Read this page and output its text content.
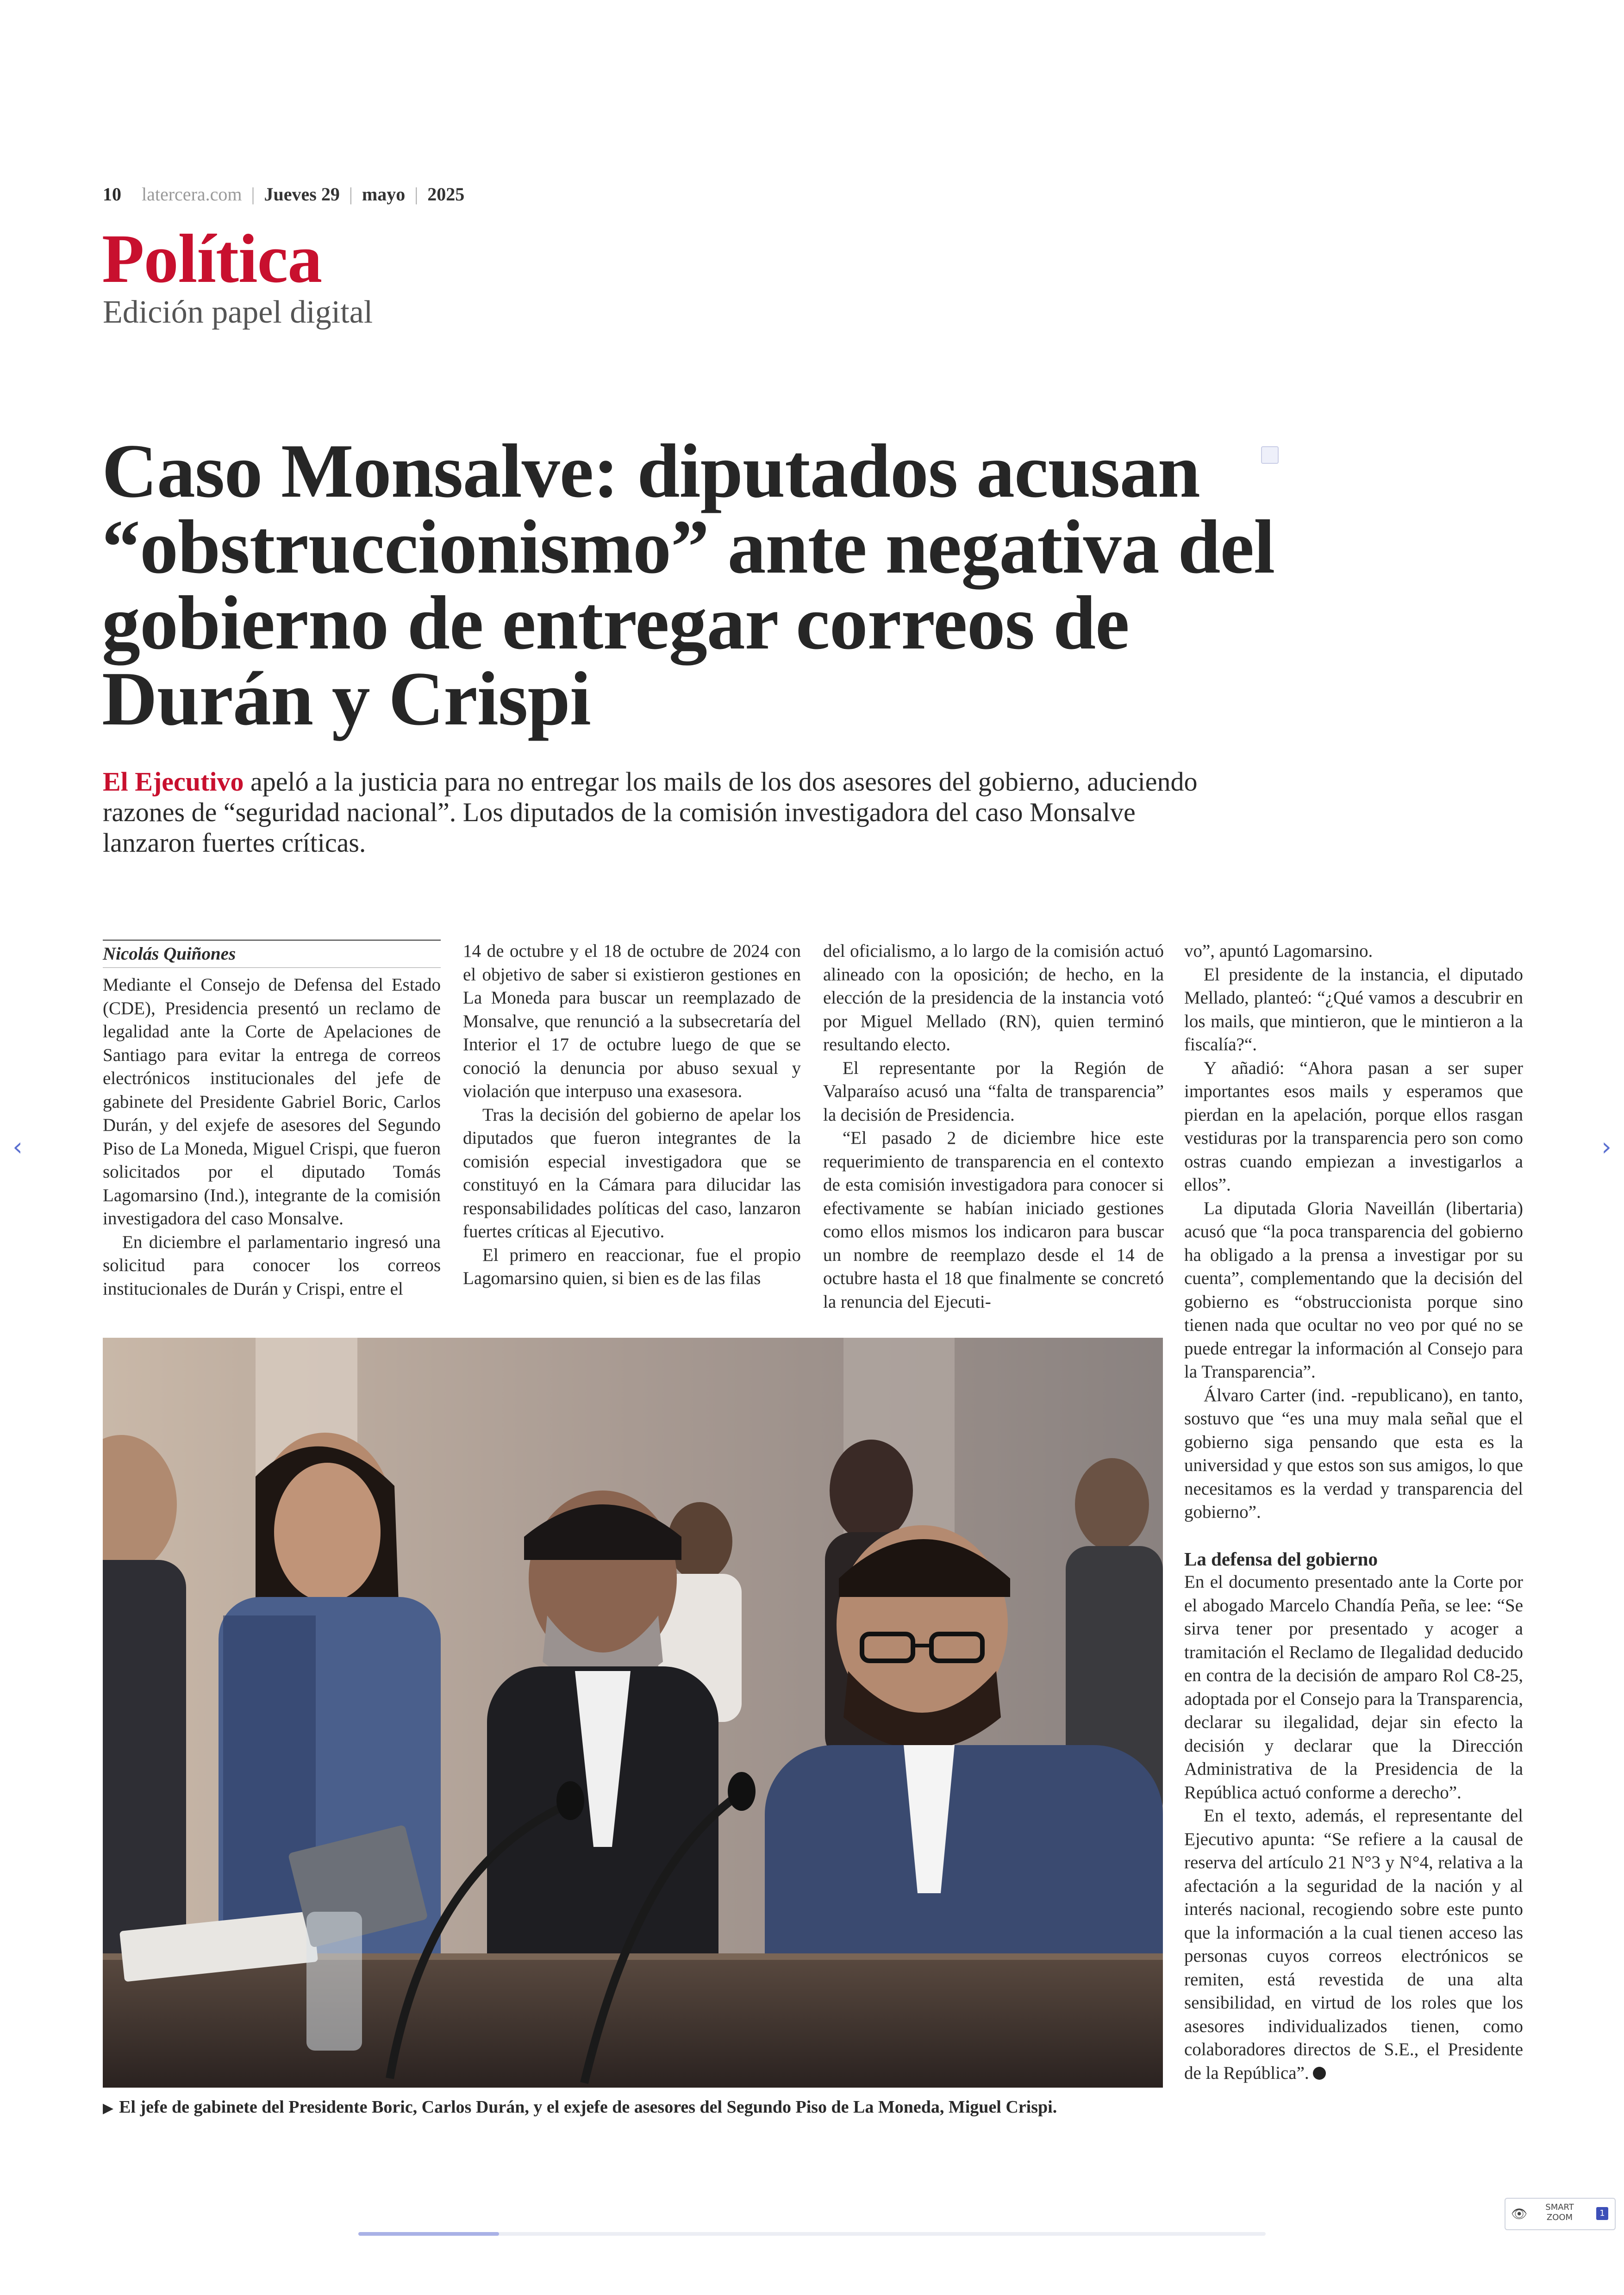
10 latercera.com | Jueves 29 | mayo | 2025
Política
Edición papel digital
Caso Monsalve: diputados acusan “obstruccionismo” ante negativa del gobierno de entregar correos de Durán y Crispi

El Ejecutivo apeló a la justicia para no entregar los mails de los dos asesores del gobierno, aduciendo razones de “seguridad nacional”. Los diputados de la comisión investigadora del caso Monsalve lanzaron fuertes críticas.

Nicolás Quiñones

Mediante el Consejo de Defensa del Estado (CDE), Presidencia presentó un reclamo de legalidad ante la Corte de Apelaciones de Santiago para evitar la entrega de correos electrónicos institucionales del jefe de gabinete del Presidente Gabriel Boric, Carlos Durán, y del exjefe de asesores del Segundo Piso de La Moneda, Miguel Crispi, que fueron solicitados por el diputado Tomás Lagomarsino (Ind.), integrante de la comisión investigadora del caso Monsalve.

En diciembre el parlamentario ingresó una solicitud para conocer los correos institucionales de Durán y Crispi, entre el

14 de octubre y el 18 de octubre de 2024 con el objetivo de saber si existieron gestiones en La Moneda para buscar un reemplazado de Monsalve, que renunció a la subsecretaría del Interior el 17 de octubre luego de que se conoció la denuncia por abuso sexual y violación que interpuso una exasesora.

Tras la decisión del gobierno de apelar los diputados que fueron integrantes de la comisión especial investigadora que se constituyó en la Cámara para dilucidar las responsabilidades políticas del caso, lanzaron fuertes críticas al Ejecutivo.

El primero en reaccionar, fue el propio Lagomarsino quien, si bien es de las filas

del oficialismo, a lo largo de la comisión actuó alineado con la oposición; de hecho, en la elección de la presidencia de la instancia votó por Miguel Mellado (RN), quien terminó resultando electo.

El representante por la Región de Valparaíso acusó una “falta de transparencia” la decisión de Presidencia.

“El pasado 2 de diciembre hice este requerimiento de transparencia en el contexto de esta comisión investigadora para conocer si efectivamente se habían iniciado gestiones como ellos mismos los indicaron para buscar un nombre de reemplazo desde el 14 de octubre hasta el 18 que finalmente se concretó la renuncia del Ejecuti-

vo”, apuntó Lagomarsino.

El presidente de la instancia, el diputado Mellado, planteó: “¿Qué vamos a descubrir en los mails, que mintieron, que le mintieron a la fiscalía?“.

Y añadió: “Ahora pasan a ser super importantes esos mails y esperamos que pierdan en la apelación, porque ellos rasgan vestiduras por la transparencia pero son como ostras cuando empiezan a investigarlos a ellos”.

La diputada Gloria Naveillán (libertaria) acusó que “la poca transparencia del gobierno ha obligado a la prensa a investigar por su cuenta”, complementando que la decisión del gobierno es “obstruccionista porque sino tienen nada que ocultar no veo por qué no se puede entregar la información al Consejo para la Transparencia”.

Álvaro Carter (ind. -republicano), en tanto, sostuvo que “es una muy mala señal que el gobierno siga pensando que esta es la universidad y que estos son sus amigos, lo que necesitamos es la verdad y transparencia del gobierno”.

La defensa del gobierno

En el documento presentado ante la Corte por el abogado Marcelo Chandía Peña, se lee: “Se sirva tener por presentado y acoger a tramitación el Reclamo de Ilegalidad deducido en contra de la decisión de amparo Rol C8-25, adoptada por el Consejo para la Transparencia, declarar su ilegalidad, dejar sin efecto la decisión y declarar que la Dirección Administrativa de la Presidencia de la República actuó conforme a derecho”.

En el texto, además, el representante del Ejecutivo apunta: “Se refiere a la causal de reserva del artículo 21 N°3 y N°4, relativa a la afectación a la seguridad de la nación y al interés nacional, recogiendo sobre este punto que la información a la cual tienen acceso las personas cuyos correos electrónicos se remiten, está revestida de una alta sensibilidad, en virtud de los roles que los asesores individualizados tienen, como colaboradores directos de S.E., el Presidente de la República”.

▶ El jefe de gabinete del Presidente Boric, Carlos Durán, y el exjefe de asesores del Segundo Piso de La Moneda, Miguel Crispi.
‹	›
👁 SMART
ZOOM	1
